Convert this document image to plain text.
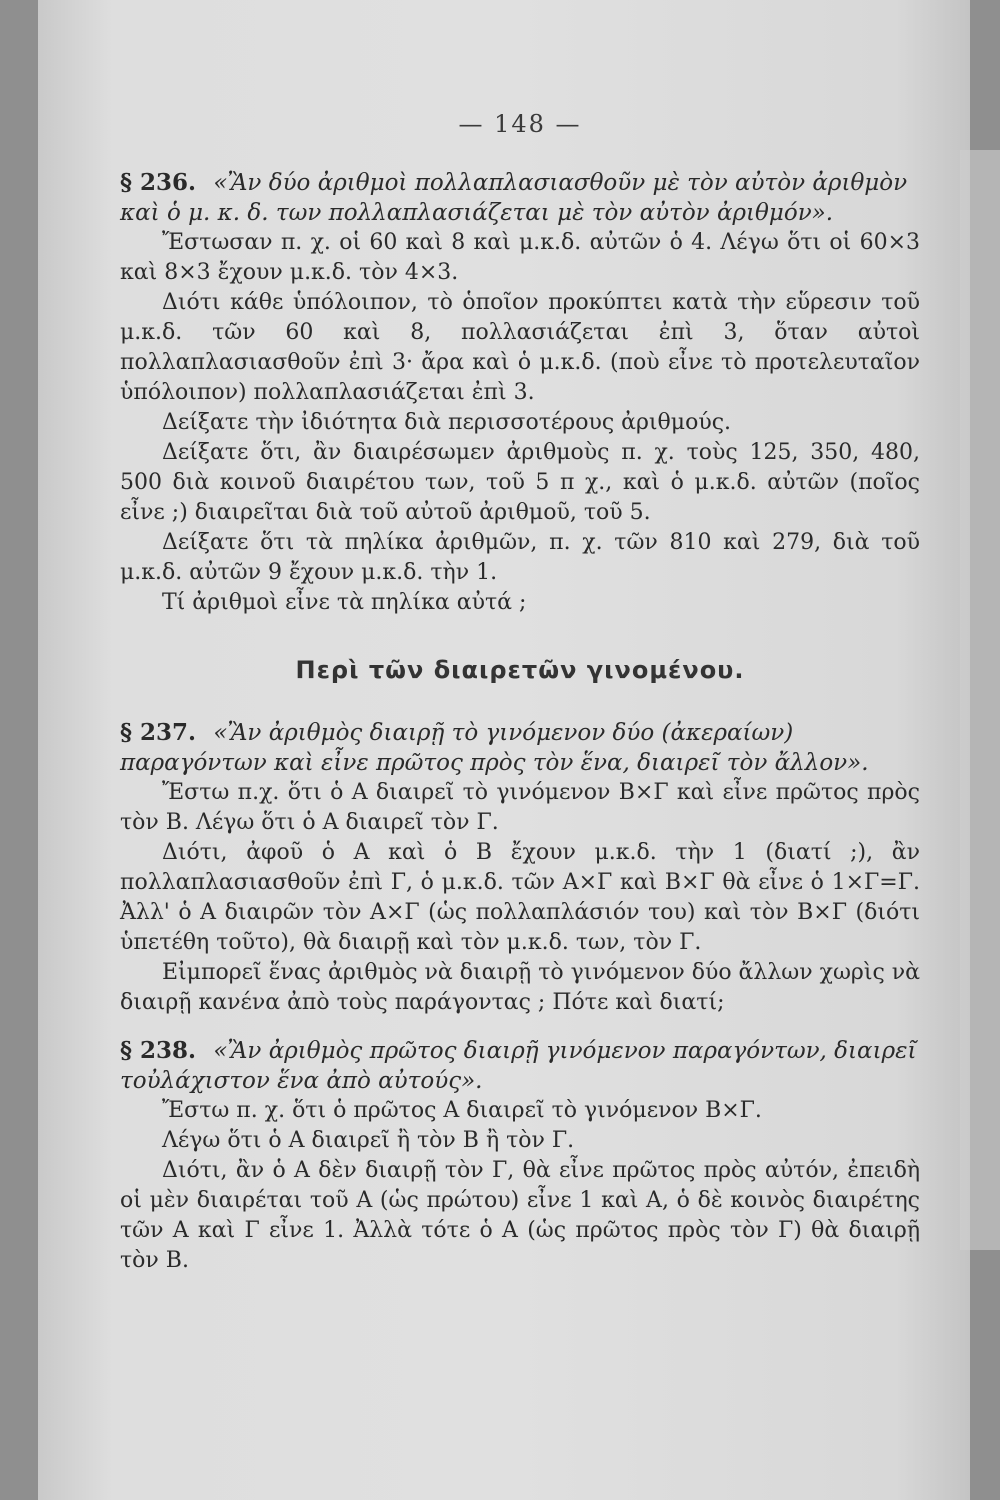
— 148 —
§ 236. «Ἂν δύο ἀριθμοὶ πολλαπλασιασθοῦν μὲ τὸν αὐτὸν ἀριθμὸν καὶ ὁ μ. κ. δ. των πολλαπλασιάζεται μὲ τὸν αὐτὸν ἀριθμόν».

Ἔστωσαν π. χ. οἱ 60 καὶ 8 καὶ μ.κ.δ. αὐτῶν ὁ 4. Λέγω ὅτι οἱ 60×3 καὶ 8×3 ἔχουν μ.κ.δ. τὸν 4×3.

Διότι κάθε ὑπόλοιπον, τὸ ὁποῖον προκύπτει κατὰ τὴν εὕρεσιν τοῦ μ.κ.δ. τῶν 60 καὶ 8, πολλασιάζεται ἐπὶ 3, ὅταν αὐτοὶ πολλαπλασιασθοῦν ἐπὶ 3· ἄρα καὶ ὁ μ.κ.δ. (ποὺ εἶνε τὸ προτελευταῖον ὑπόλοιπον) πολλαπλασιάζεται ἐπὶ 3.

Δείξατε τὴν ἰδιότητα διὰ περισσοτέρους ἀριθμούς.

Δείξατε ὅτι, ἂν διαιρέσωμεν ἀριθμοὺς π. χ. τοὺς 125, 350, 480, 500 διὰ κοινοῦ διαιρέτου των, τοῦ 5 π χ., καὶ ὁ μ.κ.δ. αὐτῶν (ποῖος εἶνε ;) διαιρεῖται διὰ τοῦ αὐτοῦ ἀριθμοῦ, τοῦ 5.

Δείξατε ὅτι τὰ πηλίκα ἀριθμῶν, π. χ. τῶν 810 καὶ 279, διὰ τοῦ μ.κ.δ. αὐτῶν 9 ἔχουν μ.κ.δ. τὴν 1.

Τί ἀριθμοὶ εἶνε τὰ πηλίκα αὐτά ;

Περὶ τῶν διαιρετῶν γινομένου.
§ 237. «Ἂν ἀριθμὸς διαιρῇ τὸ γινόμενον δύο (ἀκεραίων) παραγόντων καὶ εἶνε πρῶτος πρὸς τὸν ἕνα, διαιρεῖ τὸν ἄλλον».

Ἔστω π.χ. ὅτι ὁ Α διαιρεῖ τὸ γινόμενον Β×Γ καὶ εἶνε πρῶτος πρὸς τὸν Β. Λέγω ὅτι ὁ Α διαιρεῖ τὸν Γ.

Διότι, ἀφοῦ ὁ Α καὶ ὁ Β ἔχουν μ.κ.δ. τὴν 1 (διατί ;), ἂν πολλαπλασιασθοῦν ἐπὶ Γ, ὁ μ.κ.δ. τῶν Α×Γ καὶ Β×Γ θὰ εἶνε ὁ 1×Γ=Γ. Ἀλλ' ὁ Α διαιρῶν τὸν Α×Γ (ὡς πολλαπλάσιόν του) καὶ τὸν Β×Γ (διότι ὑπετέθη τοῦτο), θὰ διαιρῇ καὶ τὸν μ.κ.δ. των, τὸν Γ.

Εἰμπορεῖ ἕνας ἀριθμὸς νὰ διαιρῇ τὸ γινόμενον δύο ἄλλων χωρὶς νὰ διαιρῇ κανένα ἀπὸ τοὺς παράγοντας ; Πότε καὶ διατί;

§ 238. «Ἂν ἀριθμὸς πρῶτος διαιρῇ γινόμενον παραγόντων, διαιρεῖ τοὐλάχιστον ἕνα ἀπὸ αὐτούς».

Ἔστω π. χ. ὅτι ὁ πρῶτος Α διαιρεῖ τὸ γινόμενον Β×Γ.

Λέγω ὅτι ὁ Α διαιρεῖ ἢ τὸν Β ἢ τὸν Γ.

Διότι, ἂν ὁ Α δὲν διαιρῇ τὸν Γ, θὰ εἶνε πρῶτος πρὸς αὐτόν, ἐπειδὴ οἱ μὲν διαιρέται τοῦ Α (ὡς πρώτου) εἶνε 1 καὶ Α, ὁ δὲ κοινὸς διαιρέτης τῶν Α καὶ Γ εἶνε 1. Ἀλλὰ τότε ὁ Α (ὡς πρῶτος πρὸς τὸν Γ) θὰ διαιρῇ τὸν Β.
